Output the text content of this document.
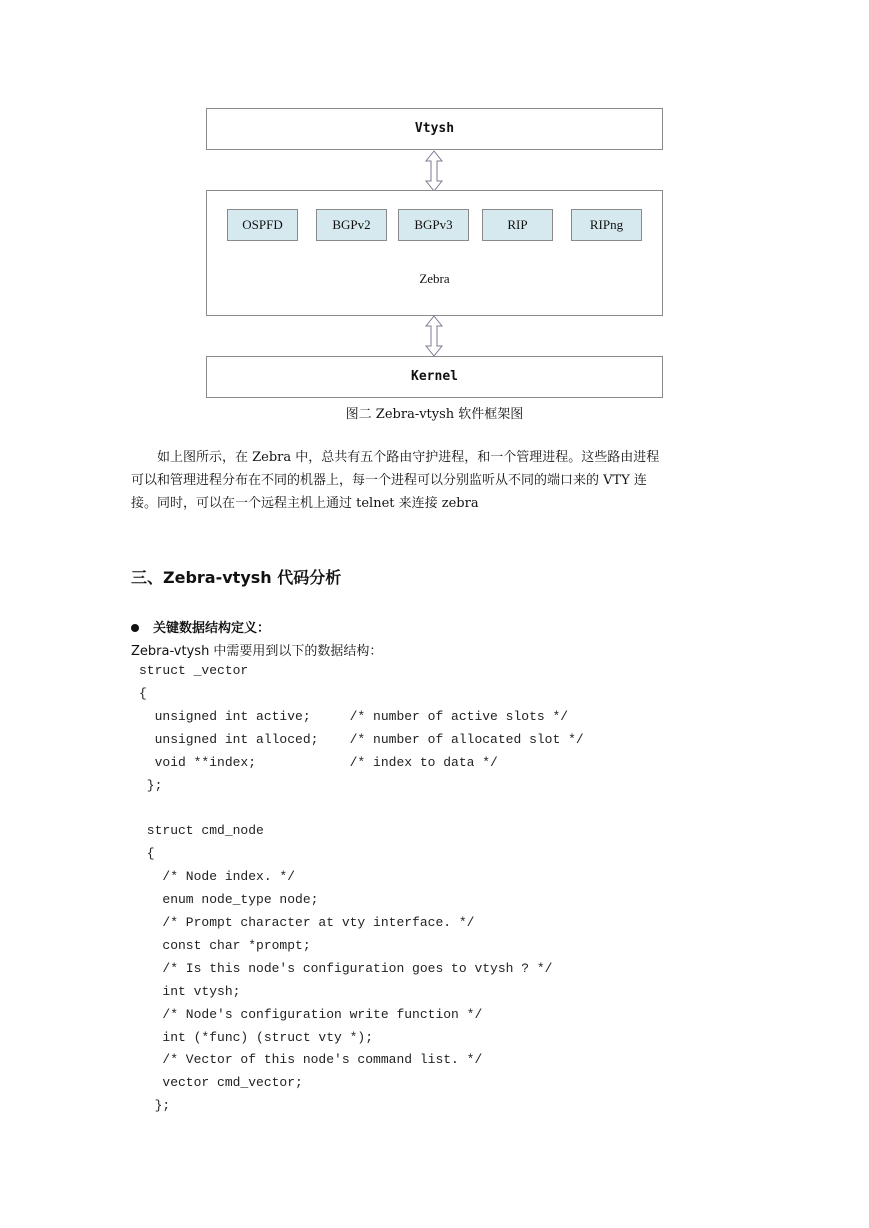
Vtysh
OSPFD	BGPv2	BGPv3	RIP	RIPng
Zebra
Kernel
图二 Zebra-vtysh 软件框架图

　　如上图所示，在 Zebra 中，总共有五个路由守护进程，和一个管理进程。这些路由进程

可以和管理进程分布在不同的机器上，每一个进程可以分别监听从不同的端口来的 VTY 连

接。同时，可以在一个远程主机上通过 telnet 来连接 zebra

三、Zebra-vtysh 代码分析
关键数据结构定义：
Zebra-vtysh 中需要用到以下的数据结构：
struct _vector
{
unsigned int active;     /* number of active slots */
unsigned int alloced;    /* number of allocated slot */
void **index;            /* index to data */
};

struct cmd_node
{
/* Node index. */
enum node_type node;
/* Prompt character at vty interface. */
const char *prompt;
/* Is this node's configuration goes to vtysh ? */
int vtysh;
/* Node's configuration write function */
int (*func) (struct vty *);
/* Vector of this node's command list. */
vector cmd_vector;
};
